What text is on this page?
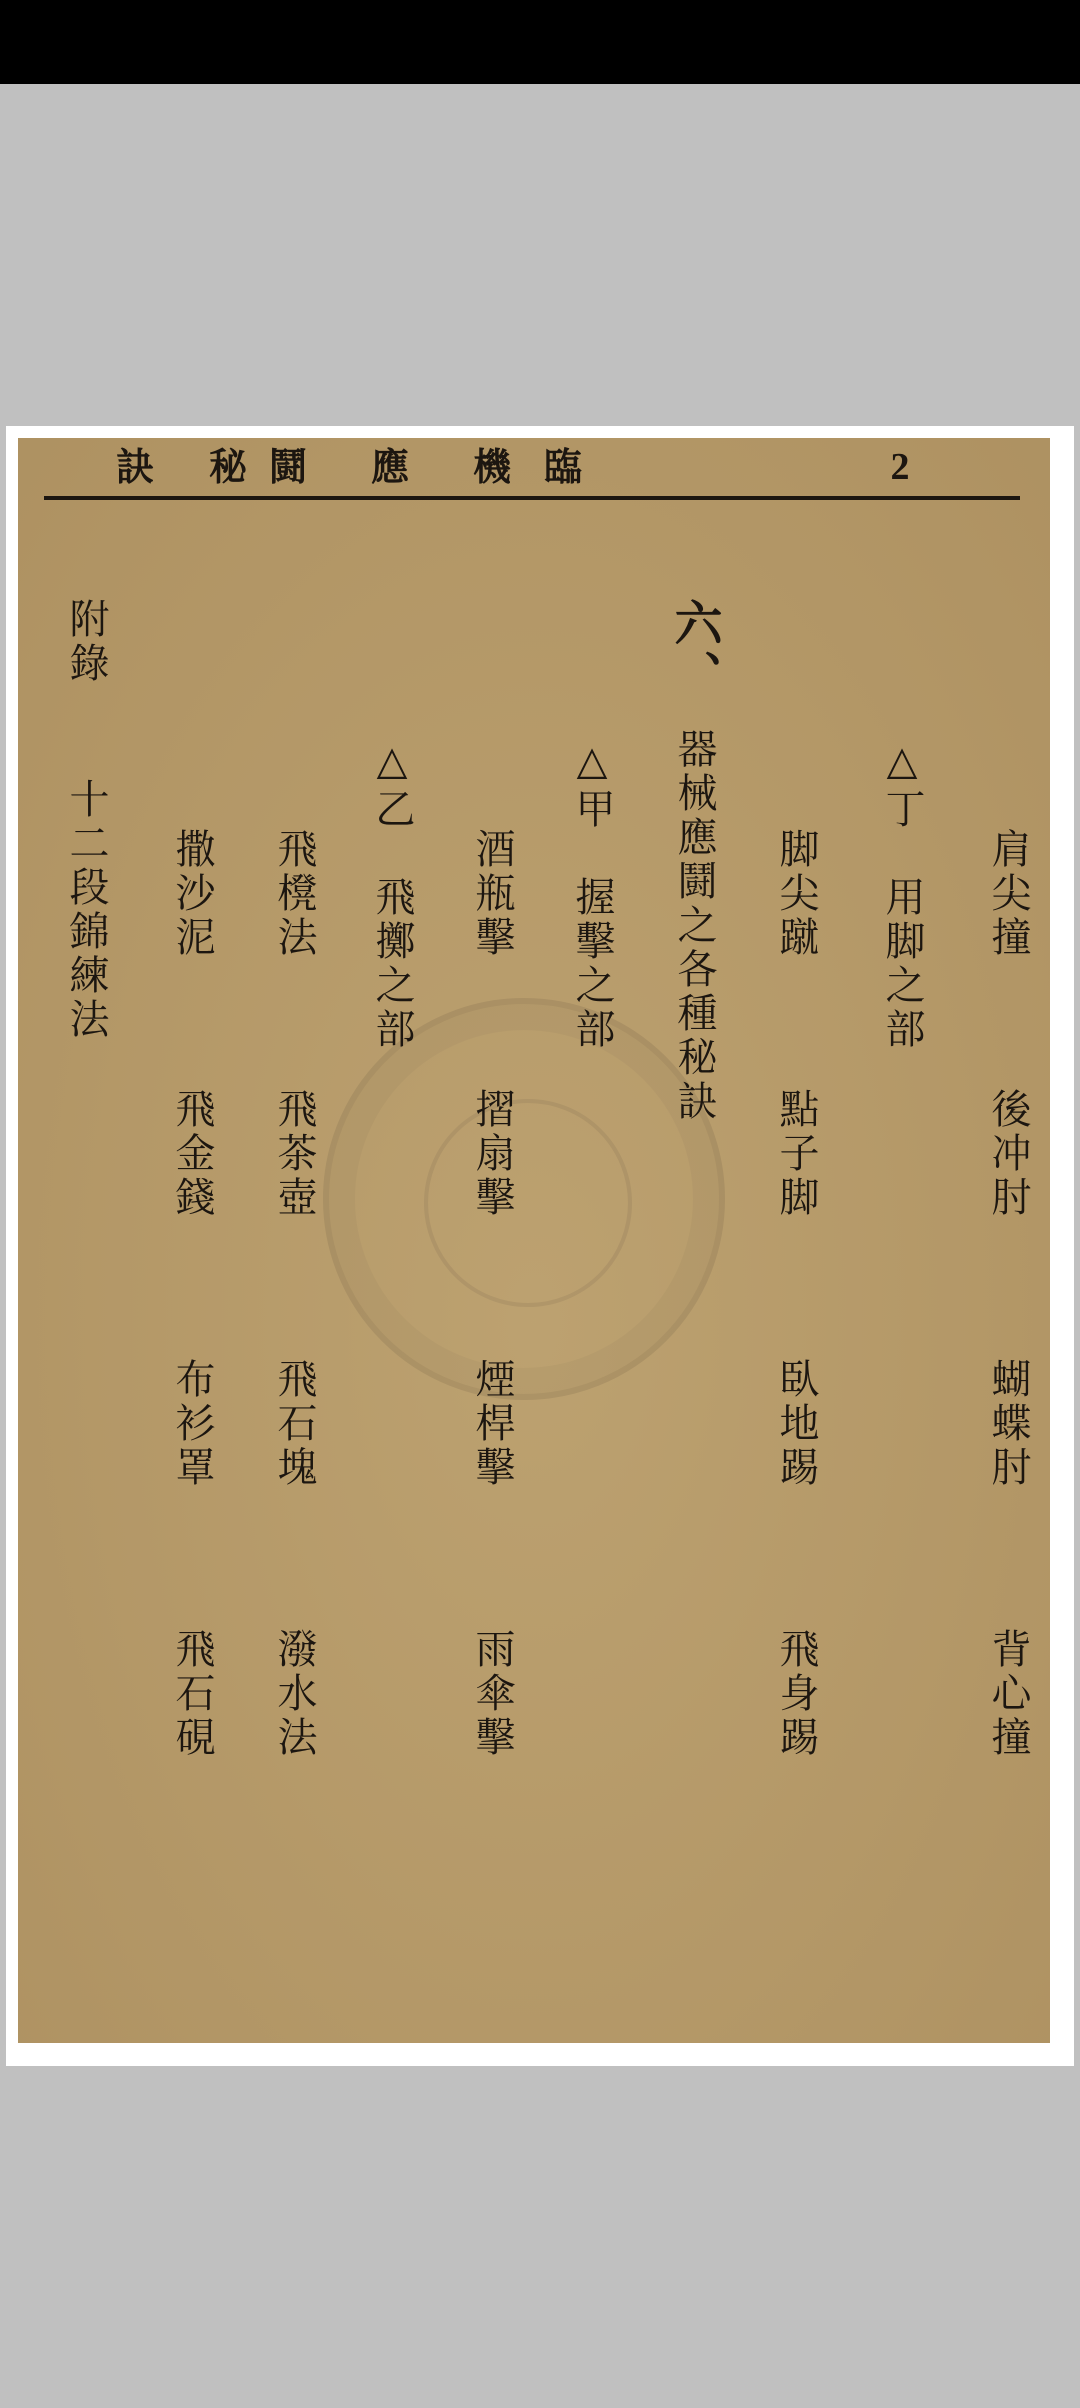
訣 秘 鬪 應 機 臨	2
肩尖撞
後冲肘
蝴蝶肘
背心撞
△丁　用脚之部
脚尖蹴
點子脚
臥地踢
飛身踢
六、
器械應鬪之各種秘訣
△甲　握擊之部
酒瓶擊
摺扇擊
煙桿擊
雨傘擊
△乙　飛擲之部
飛櫈法
飛茶壺
飛石塊
潑水法
撒沙泥
飛金錢
布衫罩
飛石硯
附錄
十二段錦練法
